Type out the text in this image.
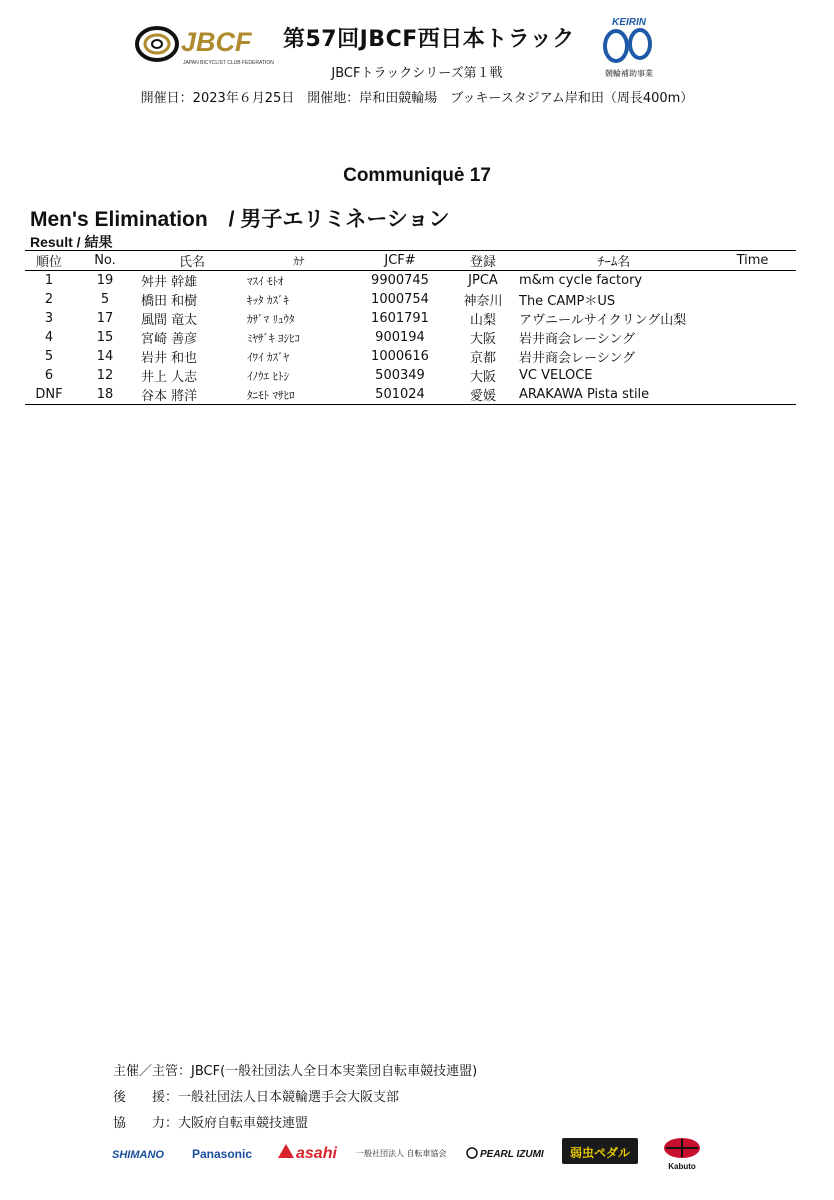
JBCF
JAPAN BICYCLIST CLUB FEDERATION
第57回JBCF西日本トラック
KEIRIN
競輪補助事業
JBCFトラックシリーズ第１戦
開催日：2023年６月25日　開催地：岸和田競輪場　ブッキースタジアム岸和田（周長400m）
Communiquė 17
Men's Elimination　/ 男子エリミネーション
Result / 結果
順位	No.	氏名	ｶﾅ	JCF#	登録	ﾁｰﾑ名	Time
1	19	舛井 幹雄	ﾏｽｲ ﾓﾄｵ	9900745	JPCA	m&m cycle factory	
2	5	橋田 和樹	ｷｯﾀ ｶｽﾞｷ	1000754	神奈川	The CAMP＊US	
3	17	風間 竜太	ｶｻﾞﾏ ﾘｭｳﾀ	1601791	山梨	アヴニールサイクリング山梨	
4	15	宮崎 善彦	ﾐﾔｻﾞｷ ﾖｼﾋｺ	900194	大阪	岩井商会レーシング	
5	14	岩井 和也	ｲﾜｲ ｶｽﾞﾔ	1000616	京都	岩井商会レーシング	
6	12	井上 人志	ｲﾉｳｴ ﾋﾄｼ	500349	大阪	VC VELOCE	
DNF	18	谷本 將洋	ﾀﾆﾓﾄ ﾏｻﾋﾛ	501024	愛媛	ARAKAWA Pista stile	
主催／主管：JBCF(一般社団法人全日本実業団自転車競技連盟)
後　　援：一般社団法人日本競輪選手会大阪支部
協　　力：大阪府自転車競技連盟
SHIMANO Panasonic	asahi 一般社団法人 自転車協会	PEARL IZUMI 弱虫ペダル
Kabuto
